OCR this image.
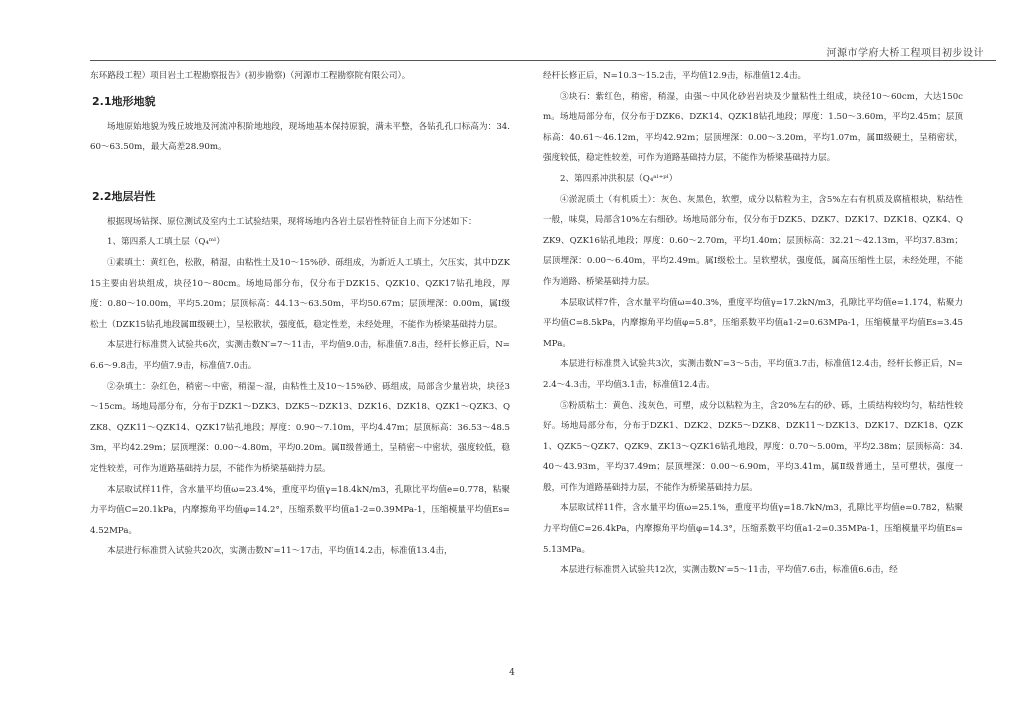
河源市学府大桥工程项目初步设计

东环路段工程）项目岩土工程勘察报告》(初步勘察)（河源市工程勘察院有限公司）。

2.1地形地貌

场地原始地貌为残丘坡地及河流冲积阶地地段，现场地基本保持原貌，满未平整，各钻孔孔口标高为：34.60～63.50m，最大高差28.90m。

2.2地层岩性

根据现场钻探、原位测试及室内土工试验结果，现将场地内各岩土层岩性特征自上而下分述如下：

1、第四系人工填土层（Q₄ᵐˡ）

①素填土：黄红色，松散，稍湿，由粘性土及10～15%砂、砾组成，为新近人工填土，欠压实，其中DZK15主要由岩块组成，块径10～80cm。场地局部分布，仅分布于DZK15、QZK10、QZK17钻孔地段，厚度：0.80～10.00m，平均5.20m；层顶标高：44.13～63.50m，平均50.67m；层顶埋深：0.00m，属Ⅰ级松土（DZK15钻孔地段属Ⅲ级硬土），呈松散状，强度低，稳定性差，未经处理，不能作为桥梁基础持力层。

本层进行标准贯入试验共6次，实测击数N′=7～11击，平均值9.0击，标准值7.8击，经杆长修正后，N=6.6～9.8击，平均值7.9击，标准值7.0击。

②杂填土：杂红色，稍密～中密，稍湿～湿，由粘性土及10～15%砂、砾组成，局部含少量岩块，块径3～15cm。场地局部分布，分布于DZK1～DZK3、DZK5～DZK13、DZK16、DZK18、QZK1～QZK3、QZK8、QZK11～QZK14、QZK17钻孔地段；厚度：0.90～7.10m，平均4.47m；层顶标高：36.53～48.53m，平均42.29m；层顶埋深：0.00～4.80m，平均0.20m。属Ⅱ级普通土，呈稍密～中密状，强度较低，稳定性较差，可作为道路基础持力层，不能作为桥梁基础持力层。

本层取试样11件，含水量平均值ω=23.4%，重度平均值γ=18.4kN/m3，孔隙比平均值e=0.778，粘聚力平均值C=20.1kPa，内摩擦角平均值φ=14.2°，压缩系数平均值a1-2=0.39MPa-1，压缩模量平均值Es=4.52MPa。

本层进行标准贯入试验共20次，实测击数N′=11～17击，平均值14.2击，标准值13.4击，

经杆长修正后，N=10.3～15.2击，平均值12.9击，标准值12.4击。

③块石：紫红色，稍密，稍湿，由强～中风化砂岩岩块及少量粘性土组成，块径10～60cm，大达150cm。场地局部分布，仅分布于DZK6、DZK14、QZK18钻孔地段；厚度：1.50～3.60m，平均2.45m；层顶标高：40.61～46.12m，平均42.92m；层顶埋深：0.00～3.20m，平均1.07m，属Ⅲ级硬土，呈稍密状，强度较低，稳定性较差，可作为道路基础持力层，不能作为桥梁基础持力层。

2、第四系冲洪积层（Q₄ᵃˡ⁺ᵖˡ）

④淤泥质土（有机质土）：灰色、灰黑色，软塑，成分以粘粒为主，含5%左右有机质及腐植根块，粘结性一般，味臭，局部含10%左右细砂。场地局部分布，仅分布于DZK5、DZK7、DZK17、DZK18、QZK4、QZK9、QZK16钻孔地段；厚度：0.60～2.70m，平均1.40m；层顶标高：32.21～42.13m，平均37.83m；层顶埋深：0.00～6.40m，平均2.49m。属Ⅰ级松土。呈软塑状，强度低，属高压缩性土层，未经处理，不能作为道路、桥梁基础持力层。

本层取试样7件，含水量平均值ω=40.3%，重度平均值γ=17.2kN/m3，孔隙比平均值e=1.174，粘聚力平均值C=8.5kPa，内摩擦角平均值φ=5.8°，压缩系数平均值a1-2=0.63MPa-1，压缩模量平均值Es=3.45MPa。

本层进行标准贯入试验共3次，实测击数N′=3～5击，平均值3.7击，标准值12.4击，经杆长修正后，N=2.4～4.3击，平均值3.1击，标准值12.4击。

⑤粉质粘土：黄色、浅灰色，可塑，成分以粘粒为主，含20%左右的砂、砾，土质结构较均匀，粘结性较好。场地局部分布，分布于DZK1、DZK2、DZK5～DZK8、DZK11～DZK13、DZK17、DZK18、QZK1、QZK5～QZK7、QZK9、ZK13～QZK16钻孔地段，厚度：0.70～5.00m，平均2.38m；层顶标高：34.40～43.93m，平均37.49m；层顶埋深：0.00～6.90m，平均3.41m，属Ⅱ级普通土，呈可塑状，强度一般，可作为道路基础持力层，不能作为桥梁基础持力层。

本层取试样11件，含水量平均值ω=25.1%，重度平均值γ=18.7kN/m3，孔隙比平均值e=0.782，粘聚力平均值C=26.4kPa，内摩擦角平均值φ=14.3°，压缩系数平均值a1-2=0.35MPa-1，压缩模量平均值Es=5.13MPa。

本层进行标准贯入试验共12次，实测击数N′=5～11击，平均值7.6击，标准值6.6击，经

4
